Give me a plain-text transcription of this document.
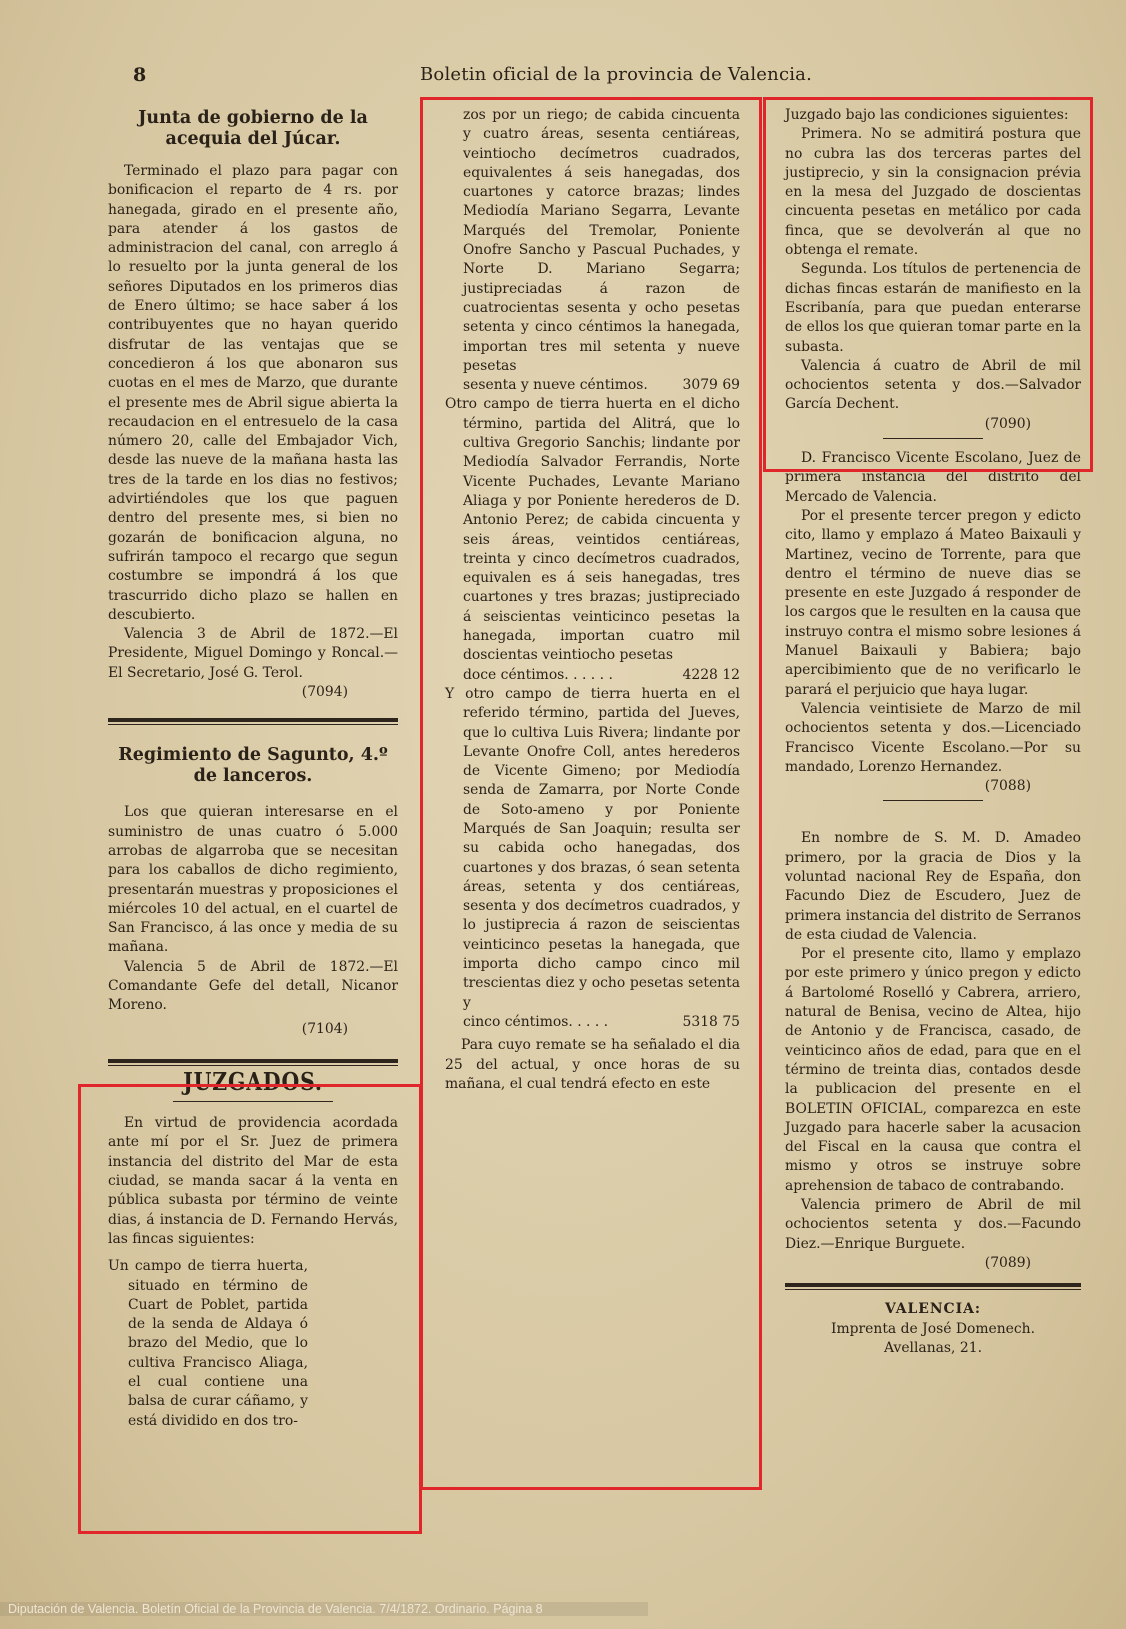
8	Boletin oficial de la provincia de Valencia.
Junta de gobierno de la acequia del Júcar.

Terminado el plazo para pagar con bonificacion el reparto de 4 rs. por hanegada, girado en el presente año, para atender á los gastos de administracion del canal, con arreglo á lo resuelto por la junta general de los señores Diputados en los primeros dias de Enero último; se hace saber á los contribuyentes que no hayan querido disfrutar de las ventajas que se concedieron á los que abonaron sus cuotas en el mes de Marzo, que durante el presente mes de Abril sigue abierta la recaudacion en el entresuelo de la casa número 20, calle del Embajador Vich, desde las nueve de la mañana hasta las tres de la tarde en los dias no festivos; advirtiéndoles que los que paguen dentro del presente mes, si bien no gozarán de bonificacion alguna, no sufrirán tampoco el recargo que segun costumbre se impondrá á los que trascurrido dicho plazo se hallen en descubierto.

Valencia 3 de Abril de 1872.—El Presidente, Miguel Domingo y Roncal.—El Secretario, José G. Terol.

(7094)

Regimiento de Sagunto, 4.º de lanceros.

Los que quieran interesarse en el suministro de unas cuatro ó 5.000 arrobas de algarroba que se necesitan para los caballos de dicho regimiento, presentarán muestras y proposiciones el miércoles 10 del actual, en el cuartel de San Francisco, á las once y media de su mañana.

Valencia 5 de Abril de 1872.—El Comandante Gefe del detall, Nicanor Moreno.

(7104)

JUZGADOS.

En virtud de providencia acordada ante mí por el Sr. Juez de primera instancia del distrito del Mar de esta ciudad, se manda sacar á la venta en pública subasta por término de veinte dias, á instancia de D. Fernando Hervás, las fincas siguientes:

Un campo de tierra huerta, situado en término de Cuart de Poblet, partida de la senda de Aldaya ó brazo del Medio, que lo cultiva Francisco Aliaga, el cual contiene una balsa de curar cáñamo, y está dividido en dos tro-

zos por un riego; de cabida cincuenta y cuatro áreas, sesenta centiáreas, veintiocho decímetros cuadrados, equivalentes á seis hanegadas, dos cuartones y catorce brazas; lindes Mediodía Mariano Segarra, Levante Marqués del Tremolar, Poniente Onofre Sancho y Pascual Puchades, y Norte D. Mariano Segarra; justipreciadas á razon de cuatrocientas sesenta y ocho pesetas setenta y cinco céntimos la hanegada, importan tres mil setenta y nueve pesetas

sesenta y nueve céntimos. 3079 69

Otro campo de tierra huerta en el dicho término, partida del Alitrá, que lo cultiva Gregorio Sanchis; lindante por Mediodía Salvador Ferrandis, Norte Vicente Puchades, Levante Mariano Aliaga y por Poniente herederos de D. Antonio Perez; de cabida cincuenta y seis áreas, veintidos centiáreas, treinta y cinco decímetros cuadrados, equivalen es á seis hanegadas, tres cuartones y tres brazas; justipreciado á seiscientas veinticinco pesetas la hanegada, importan cuatro mil doscientas veintiocho pesetas

doce céntimos. . . . . .	4228 12

Y otro campo de tierra huerta en el referido término, partida del Jueves, que lo cultiva Luis Rivera; lindante por Levante Onofre Coll, antes herederos de Vicente Gimeno; por Mediodía senda de Zamarra, por Norte Conde de Soto-ameno y por Poniente Marqués de San Joaquin; resulta ser su cabida ocho hanegadas, dos cuartones y dos brazas, ó sean setenta áreas, setenta y dos centiáreas, sesenta y dos decímetros cuadrados, y lo justiprecia á razon de seiscientas veinticinco pesetas la hanegada, que importa dicho campo cinco mil trescientas diez y ocho pesetas setenta y

cinco céntimos. . . . .	5318 75

Para cuyo remate se ha señalado el dia 25 del actual, y once horas de su mañana, el cual tendrá efecto en este

Juzgado bajo las condiciones siguientes:

Primera. No se admitirá postura que no cubra las dos terceras partes del justiprecio, y sin la consignacion prévia en la mesa del Juzgado de doscientas cincuenta pesetas en metálico por cada finca, que se devolverán al que no obtenga el remate.

Segunda. Los títulos de pertenencia de dichas fincas estarán de manifiesto en la Escribanía, para que puedan enterarse de ellos los que quieran tomar parte en la subasta.

Valencia á cuatro de Abril de mil ochocientos setenta y dos.—Salvador García Dechent.

(7090)

D. Francisco Vicente Escolano, Juez de primera instancia del distrito del Mercado de Valencia.

Por el presente tercer pregon y edicto cito, llamo y emplazo á Mateo Baixauli y Martinez, vecino de Torrente, para que dentro el término de nueve dias se presente en este Juzgado á responder de los cargos que le resulten en la causa que instruyo contra el mismo sobre lesiones á Manuel Baixauli y Babiera; bajo apercibimiento que de no verificarlo le parará el perjuicio que haya lugar.

Valencia veintisiete de Marzo de mil ochocientos setenta y dos.—Licenciado Francisco Vicente Escolano.—Por su mandado, Lorenzo Hernandez.

(7088)

En nombre de S. M. D. Amadeo primero, por la gracia de Dios y la voluntad nacional Rey de España, don Facundo Diez de Escudero, Juez de primera instancia del distrito de Serranos de esta ciudad de Valencia.

Por el presente cito, llamo y emplazo por este primero y único pregon y edicto á Bartolomé Roselló y Cabrera, arriero, natural de Benisa, vecino de Altea, hijo de Antonio y de Francisca, casado, de veinticinco años de edad, para que en el término de treinta dias, contados desde la publicacion del presente en el BOLETIN OFICIAL, comparezca en este Juzgado para hacerle saber la acusacion del Fiscal en la causa que contra el mismo y otros se instruye sobre aprehension de tabaco de contrabando.

Valencia primero de Abril de mil ochocientos setenta y dos.—Facundo Diez.—Enrique Burguete.

(7089)

VALENCIA:

Imprenta de José Domenech.

Avellanas, 21.

Diputación de Valencia. Boletín Oficial de la Provincia de Valencia. 7/4/1872. Ordinario. Página 8
